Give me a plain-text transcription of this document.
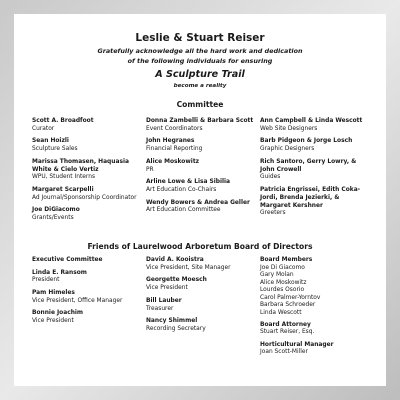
Leslie & Stuart Reiser
Gratefully acknowledge all the hard work and dedication
of the following individuals for ensuring
A Sculpture Trail
become a reality
Committee
Scott A. Broadfoot
Curator
Sean Hoizli
Sculpture Sales
Marissa Thomasen, Haquasia White & Cielo Vertiz
WPU, Student Interns
Margaret Scarpelli
Ad Journal/Sponsorship Coordinator
Joe DiGiacomo
Grants/Events
Donna Zambelli & Barbara Scott
Event Coordinators
John Hegranes
Financial Reporting
Alice Moskowitz
PR
Arline Lowe & Lisa Sibilia
Art Education Co-Chairs
Wendy Bowers & Andrea Geller
Art Education Committee
Ann Campbell & Linda Wescott
Web Site Designers
Barb Pidgeon & Jorge Losch
Graphic Designers
Rich Santoro, Gerry Lowry, & John Crowell
Guides
Patricia Engrissei, Edith Coka-Jordi, Brenda Jezierki, & Margaret Kershner
Greeters
Friends of Laurelwood Arboretum Board of Directors
Executive Committee
Linda E. Ransom
President
Pam Himeles
Vice President, Office Manager
Bonnie Joachim
Vice President
David A. Kooistra
Vice President, Site Manager
Georgette Moesch
Vice President
Bill Lauber
Treasurer
Nancy Shimmel
Recording Secretary
Board Members
Joe Di Giacomo
Gary Molan
Alice Moskowitz
Lourdes Osorio
Carol Palmer-Yorntov
Barbara Schroeder
Linda Wescott
Board Attorney
Stuart Reiser, Esq.
Horticultural Manager
Joan Scott-Miller
